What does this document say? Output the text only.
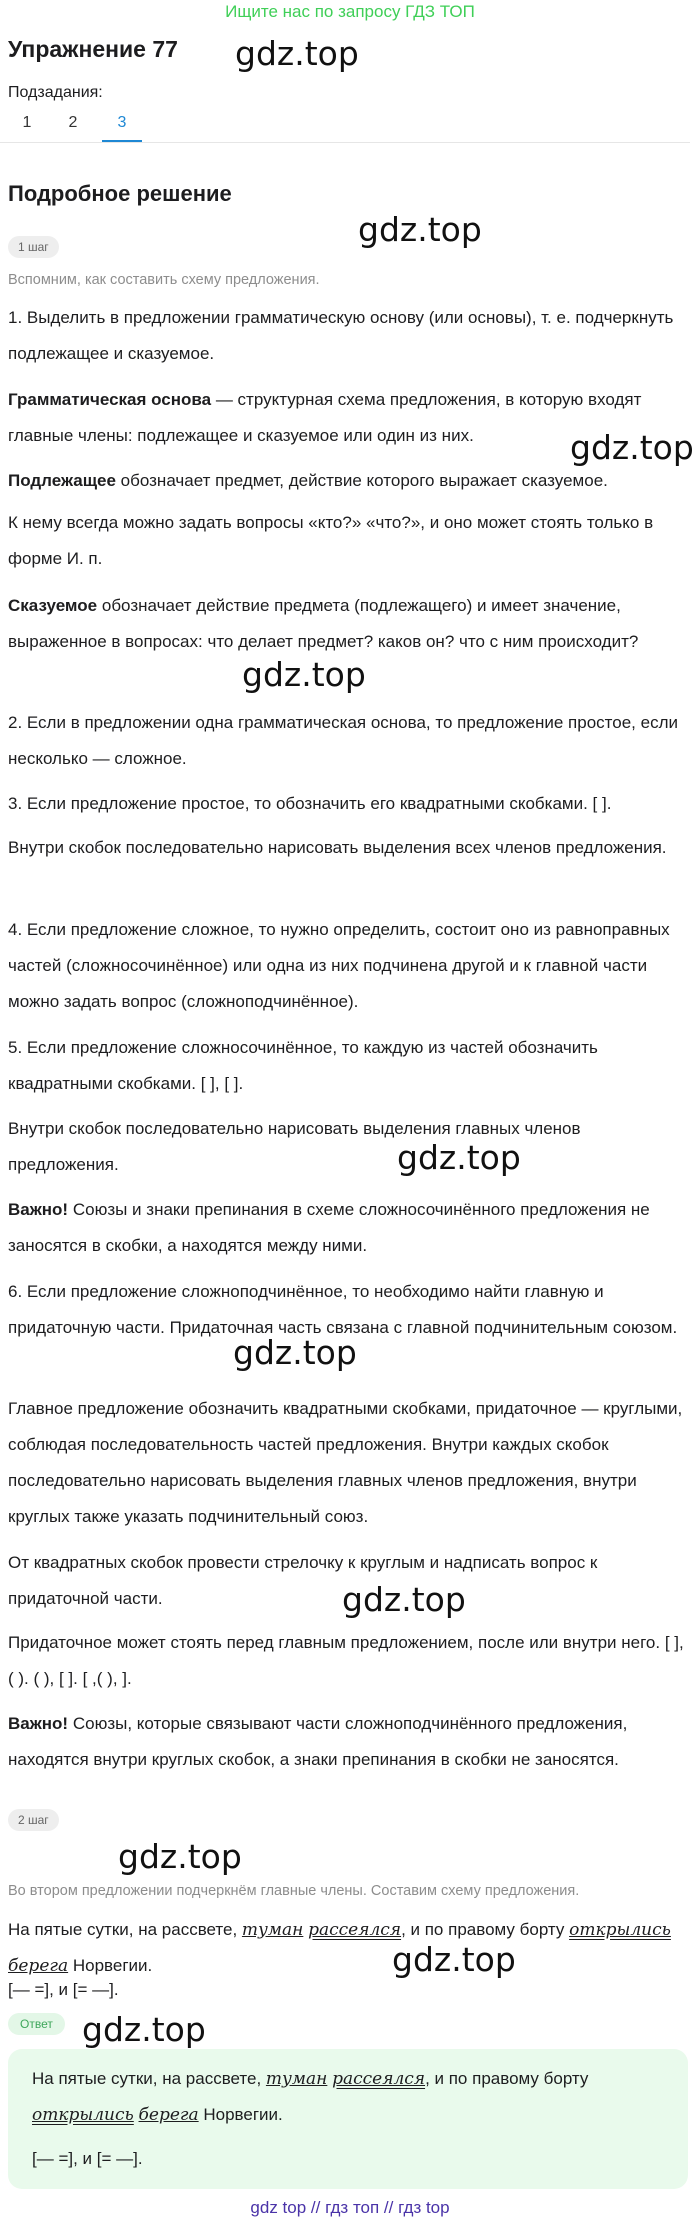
Ищите нас по запросу ГДЗ ТОП
Упражнение 77 gdz.top
Подзадания:
1	2	3
Подробное решение
1 шаг	gdz.top
Вспомним, как составить схему предложения.
1. Выделить в предложении грамматическую основу (или основы), т. е. подчеркнуть подлежащее и сказуемое.
Грамматическая основа — структурная схема предложения, в которую входят главные члены: подлежащее и сказуемое или один из них.	gdz.top
Подлежащее обозначает предмет, действие которого выражает сказуемое.
К нему всегда можно задать вопросы «кто?» «что?», и оно может стоять только в форме И. п.
Сказуемое обозначает действие предмета (подлежащего) и имеет значение, выраженное в вопросах: что делает предмет? каков он? что с ним происходит?
gdz.top
2. Если в предложении одна грамматическая основа, то предложение простое, если несколько — сложное.
3. Если предложение простое, то обозначить его квадратными скобками. [ ].
Внутри скобок последовательно нарисовать выделения всех членов предложения.
4. Если предложение сложное, то нужно определить, состоит оно из равноправных частей (сложносочинённое) или одна из них подчинена другой и к главной части можно задать вопрос (сложноподчинённое).
5. Если предложение сложносочинённое, то каждую из частей обозначить квадратными скобками. [ ], [ ].
Внутри скобок последовательно нарисовать выделения главных членов предложения.	gdz.top
Важно! Союзы и знаки препинания в схеме сложносочинённого предложения не заносятся в скобки, а находятся между ними.
6. Если предложение сложноподчинённое, то необходимо найти главную и придаточную части. Придаточная часть связана с главной подчинительным союзом.
gdz.top
Главное предложение обозначить квадратными скобками, придаточное — круглыми, соблюдая последовательность частей предложения. Внутри каждых скобок последовательно нарисовать выделения главных членов предложения, внутри круглых также указать подчинительный союз.
От квадратных скобок провести стрелочку к круглым и надписать вопрос к придаточной части.	gdz.top
Придаточное может стоять перед главным предложением, после или внутри него. [ ], ( ). ( ), [ ]. [ ,( ), ].
Важно! Союзы, которые связывают части сложноподчинённого предложения, находятся внутри круглых скобок, а знаки препинания в скобки не заносятся.
2 шаг
gdz.top
Во втором предложении подчеркнём главные члены. Составим схему предложения.
На пятые сутки, на рассвете, туман рассеялся, и по правому борту открылись берега Норвегии.	gdz.top
[— =], и [= —].
Ответ gdz.top
На пятые сутки, на рассвете, туман рассеялся, и по правому борту открылись берега Норвегии.
[— =], и [= —].
gdz top // гдз топ // гдз top
